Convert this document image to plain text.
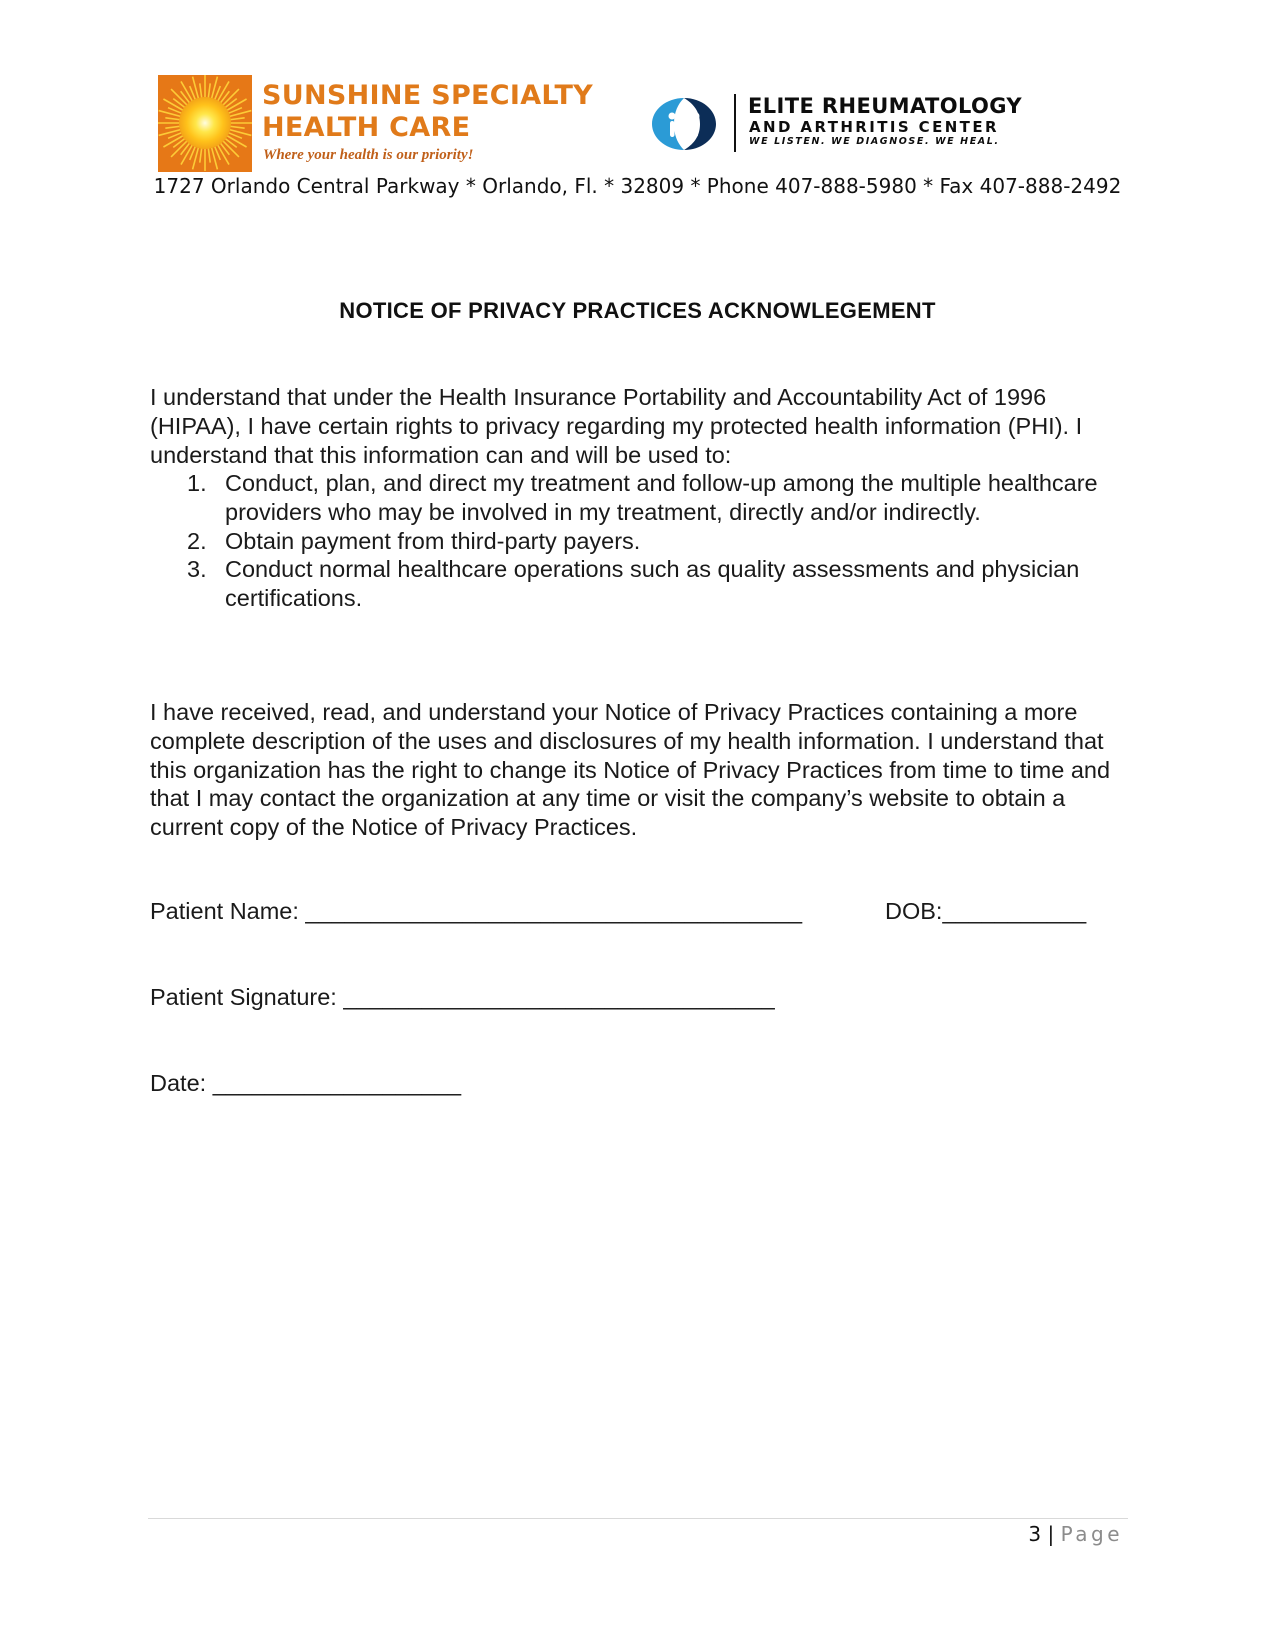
SUNSHINE SPECIALTY
HEALTH CARE
Where your health is our priority!
ELITE RHEUMATOLOGY
AND ARTHRITIS CENTER
WE LISTEN. WE DIAGNOSE. WE HEAL.
1727 Orlando Central Parkway * Orlando, Fl. * 32809 * Phone 407-888-5980 * Fax 407-888-2492
NOTICE OF PRIVACY PRACTICES ACKNOWLEGEMENT
I understand that under the Health Insurance Portability and Accountability Act of 1996 (HIPAA), I have certain rights to privacy regarding my protected health information (PHI). I understand that this information can and will be used to:
1. Conduct, plan, and direct my treatment and follow-up among the multiple healthcare providers who may be involved in my treatment, directly and/or indirectly.
2. Obtain payment from third-party payers.
3. Conduct normal healthcare operations such as quality assessments and physician certifications.
I have received, read, and understand your Notice of Privacy Practices containing a more complete description of the uses and disclosures of my health information. I understand that this organization has the right to change its Notice of Privacy Practices from time to time and that I may contact the organization at any time or visit the company’s website to obtain a current copy of the Notice of Privacy Practices.
Patient Name: ______________________________________	DOB:___________
Patient Signature: _________________________________
Date: ___________________
3 | Page
